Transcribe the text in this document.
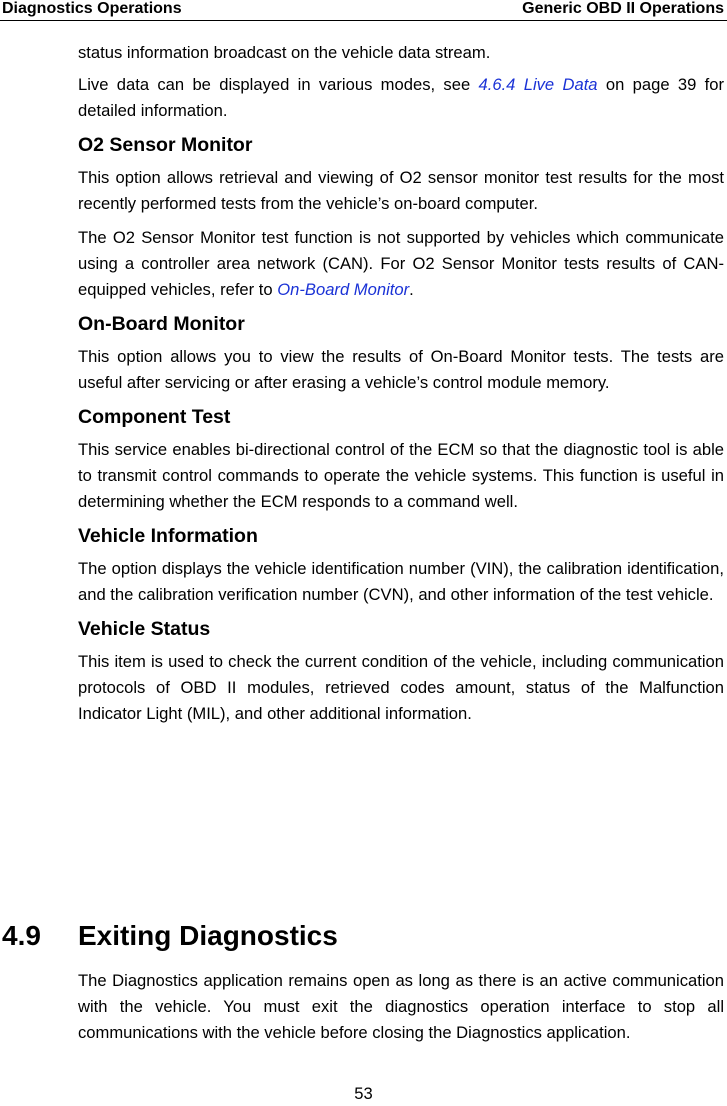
Diagnostics Operations	Generic OBD II Operations

status information broadcast on the vehicle data stream.

Live data can be displayed in various modes, see 4.6.4 Live Data on page 39 for detailed information.

O2 Sensor Monitor

This option allows retrieval and viewing of O2 sensor monitor test results for the most recently performed tests from the vehicle’s on-board computer.

The O2 Sensor Monitor test function is not supported by vehicles which communicate using a controller area network (CAN). For O2 Sensor Monitor tests results of CAN-equipped vehicles, refer to On-Board Monitor.

On-Board Monitor

This option allows you to view the results of On-Board Monitor tests. The tests are useful after servicing or after erasing a vehicle’s control module memory.

Component Test

This service enables bi-directional control of the ECM so that the diagnostic tool is able to transmit control commands to operate the vehicle systems. This function is useful in determining whether the ECM responds to a command well.

Vehicle Information

The option displays the vehicle identification number (VIN), the calibration identification, and the calibration verification number (CVN), and other information of the test vehicle.

Vehicle Status

This item is used to check the current condition of the vehicle, including communication protocols of OBD II modules, retrieved codes amount, status of the Malfunction Indicator Light (MIL), and other additional information.

4.9 Exiting Diagnostics

The Diagnostics application remains open as long as there is an active communication with the vehicle. You must exit the diagnostics operation interface to stop all communications with the vehicle before closing the Diagnostics application.

53
